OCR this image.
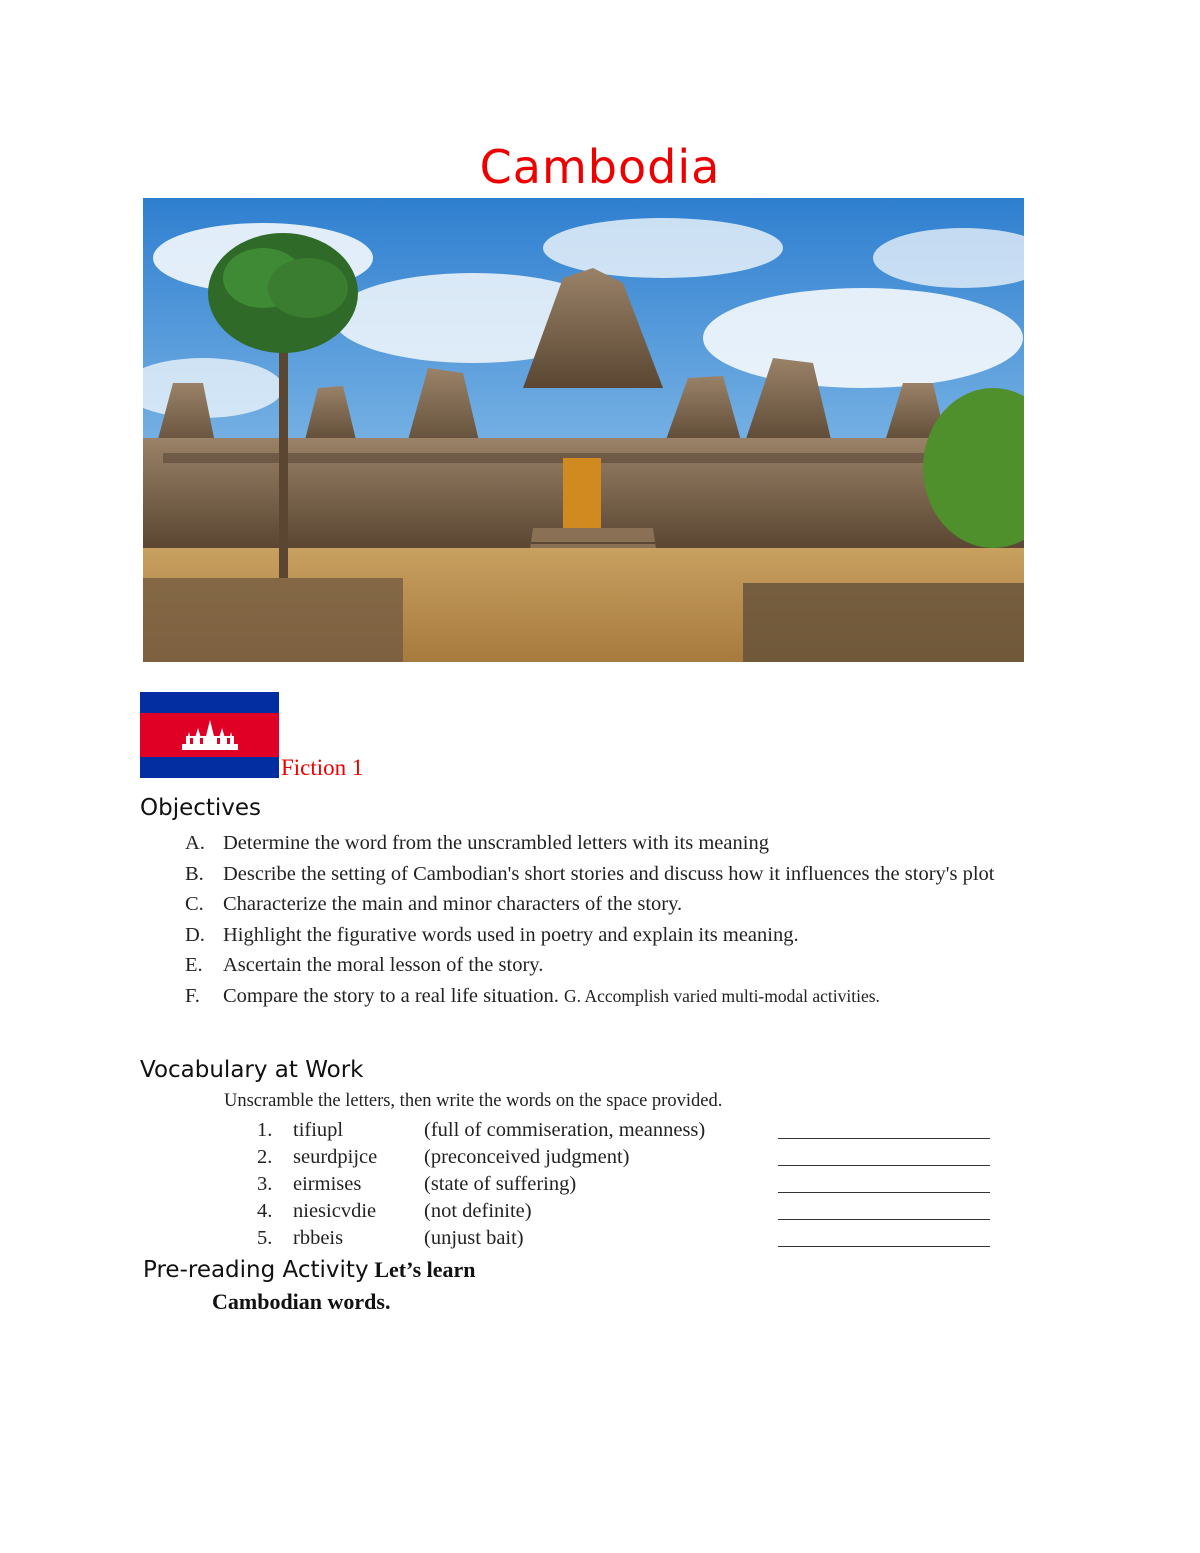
Cambodia
Fiction 1
Objectives
A. Determine the word from the unscrambled letters with its meaning
B. Describe the setting of Cambodian's short stories and discuss how it influences the story's plot
C. Characterize the main and minor characters of the story.
D. Highlight the figurative words used in poetry and explain its meaning.
E. Ascertain the moral lesson of the story.
F.	Compare the story to a real life situation. G. Accomplish varied multi-modal activities.
Vocabulary at Work
Unscramble the letters, then write the words on the space provided.
1. tifiupl	(full of commiseration, meanness)
2. seurdpijce (preconceived judgment)
3. eirmises	(state of suffering)
4. niesicvdie (not definite)
5. rbbeis	(unjust bait)
Pre-reading Activity Let’s learn
Cambodian words.
